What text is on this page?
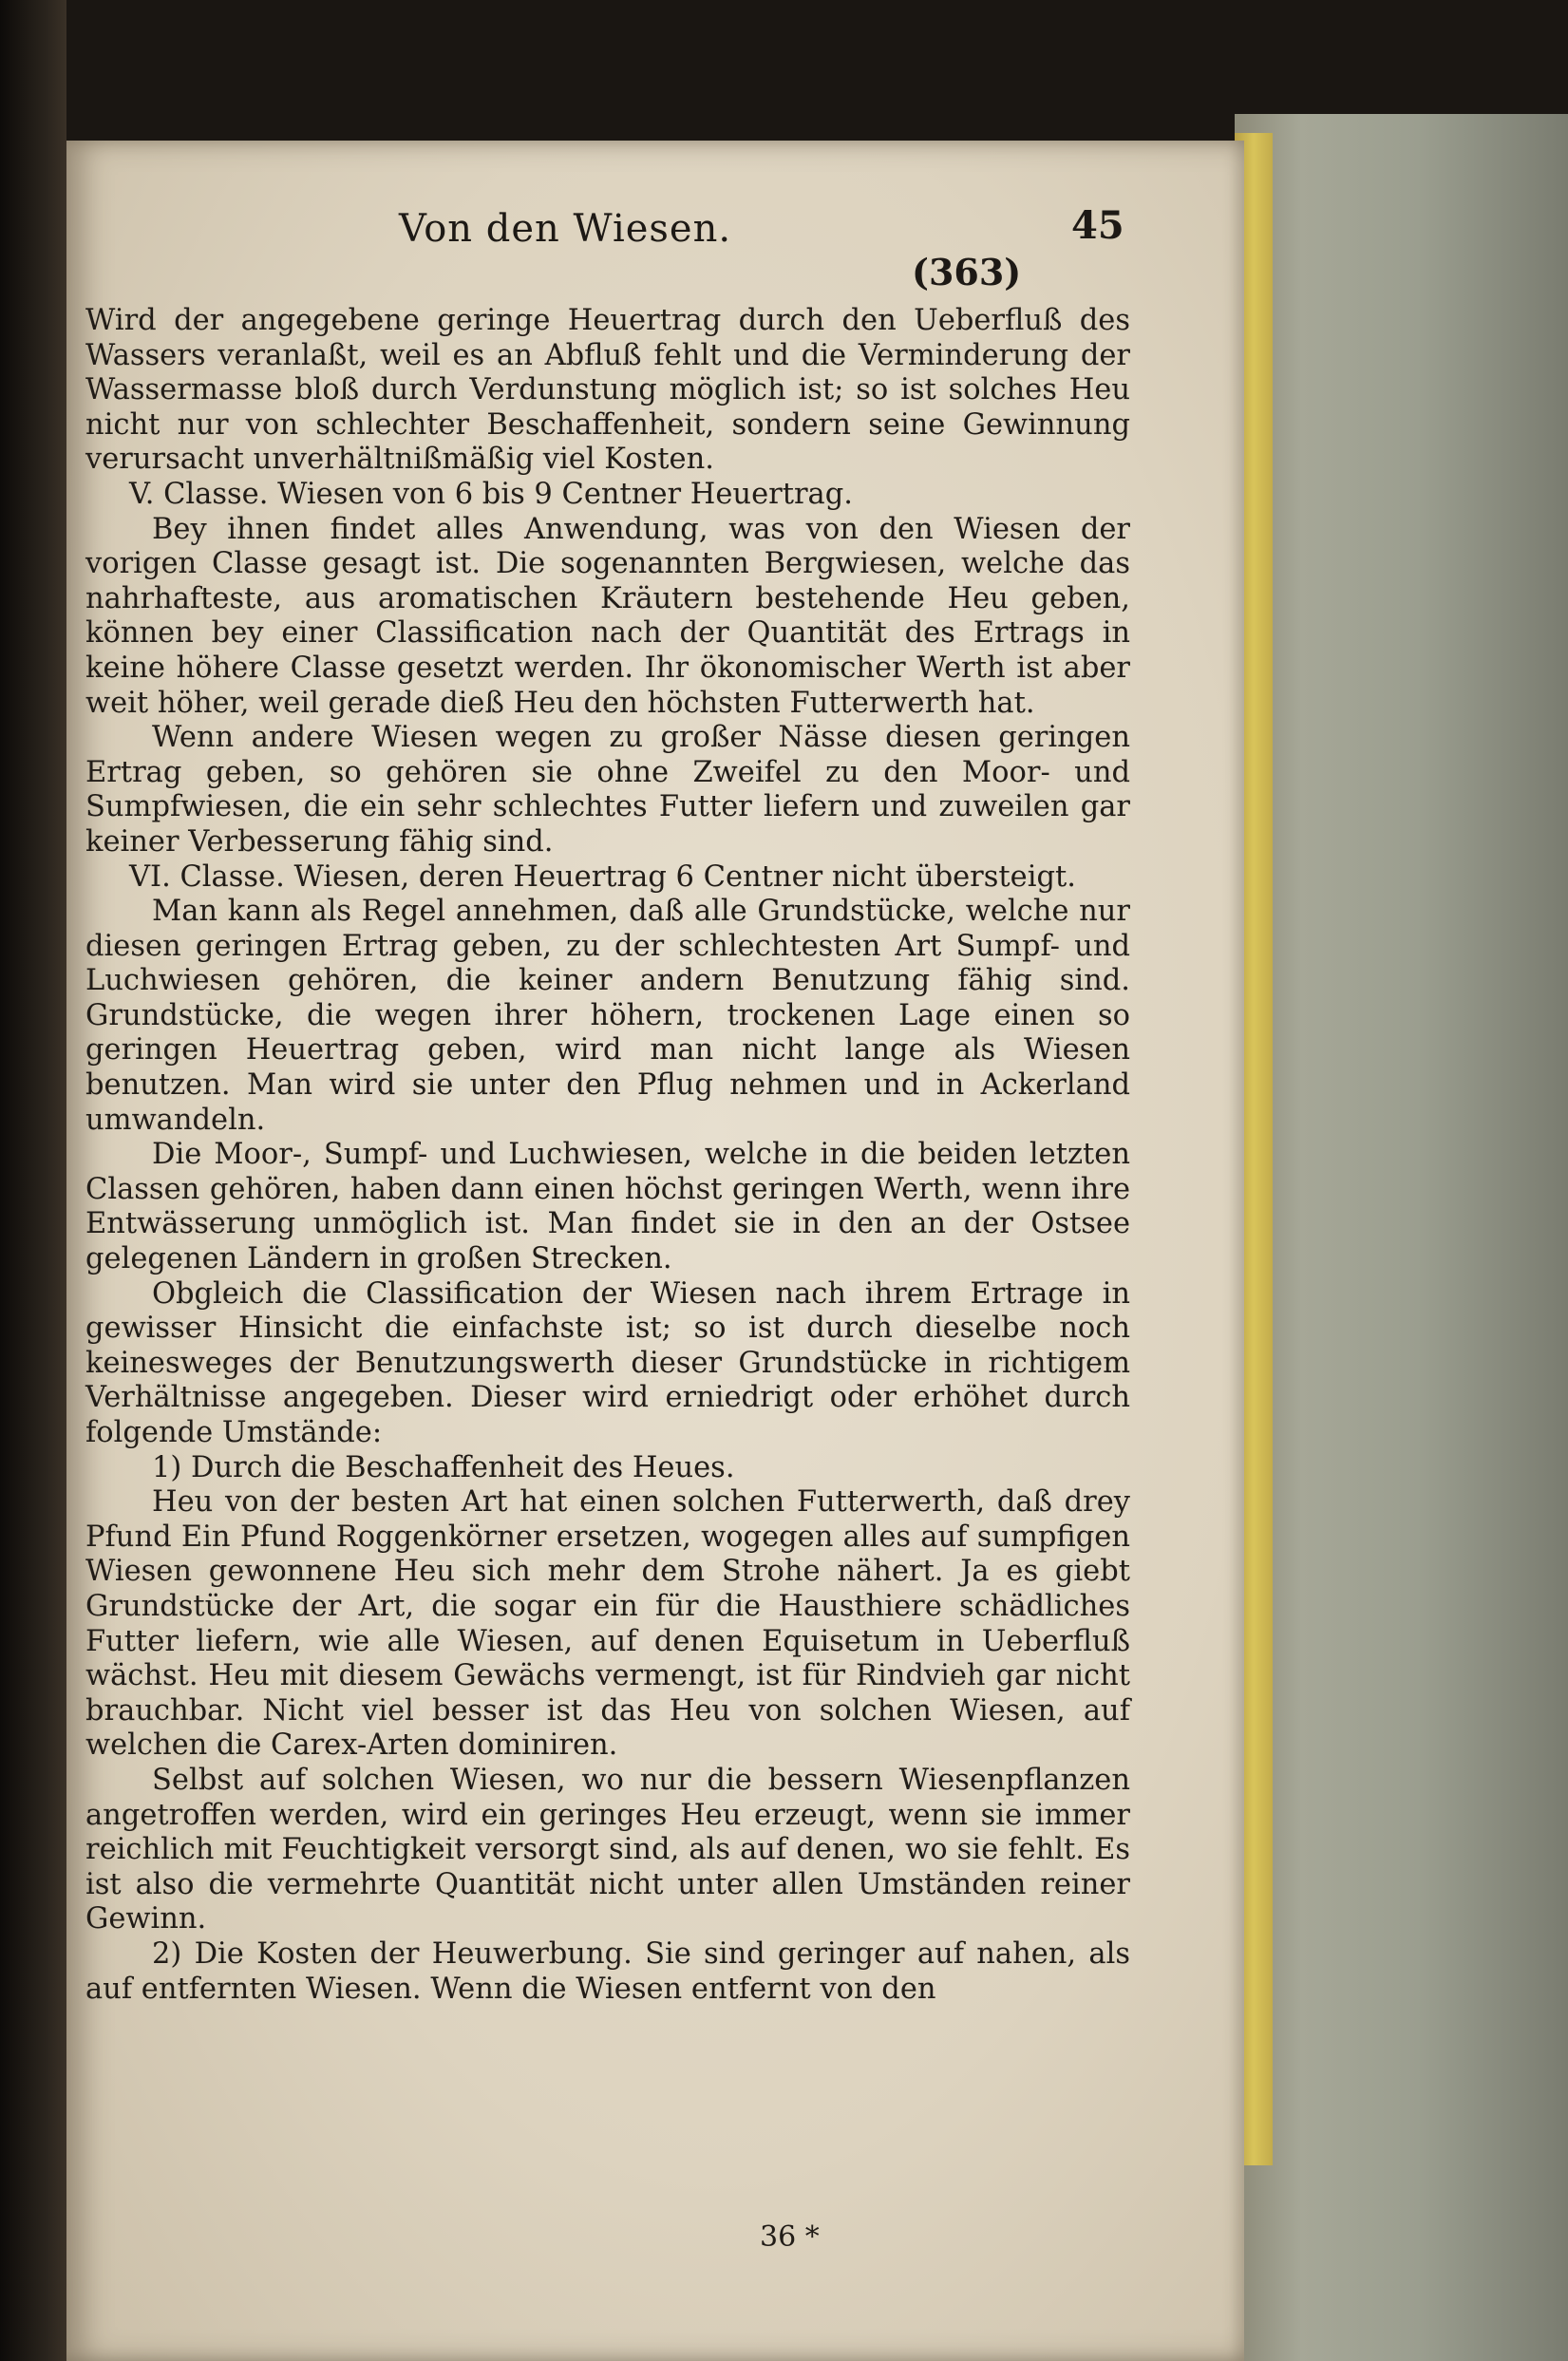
Von den Wiesen.	45
(363)

Wird der angegebene geringe Heuertrag durch den Ueberfluß des Wassers veranlaßt, weil es an Abfluß fehlt und die Verminderung der Wassermasse bloß durch Verdunstung möglich ist; so ist solches Heu nicht nur von schlechter Beschaffenheit, sondern seine Gewinnung verursacht unverhältnißmäßig viel Kosten.

V. Classe. Wiesen von 6 bis 9 Centner Heuertrag.

Bey ihnen findet alles Anwendung, was von den Wiesen der vorigen Classe gesagt ist. Die sogenannten Bergwiesen, welche das nahrhafteste, aus aromatischen Kräutern bestehende Heu geben, können bey einer Classification nach der Quantität des Ertrags in keine höhere Classe gesetzt werden. Ihr ökonomischer Werth ist aber weit höher, weil gerade dieß Heu den höchsten Futterwerth hat.

Wenn andere Wiesen wegen zu großer Nässe diesen geringen Ertrag geben, so gehören sie ohne Zweifel zu den Moor- und Sumpfwiesen, die ein sehr schlechtes Futter liefern und zuweilen gar keiner Verbesserung fähig sind.

VI. Classe. Wiesen, deren Heuertrag 6 Centner nicht übersteigt.

Man kann als Regel annehmen, daß alle Grundstücke, welche nur diesen geringen Ertrag geben, zu der schlechtesten Art Sumpf- und Luchwiesen gehören, die keiner andern Benutzung fähig sind. Grundstücke, die wegen ihrer höhern, trockenen Lage einen so geringen Heuertrag geben, wird man nicht lange als Wiesen benutzen. Man wird sie unter den Pflug nehmen und in Ackerland umwandeln.

Die Moor-, Sumpf- und Luchwiesen, welche in die beiden letzten Classen gehören, haben dann einen höchst geringen Werth, wenn ihre Entwässerung unmöglich ist. Man findet sie in den an der Ostsee gelegenen Ländern in großen Strecken.

Obgleich die Classification der Wiesen nach ihrem Ertrage in gewisser Hinsicht die einfachste ist; so ist durch dieselbe noch keinesweges der Benutzungswerth dieser Grundstücke in richtigem Verhältnisse angegeben. Dieser wird erniedrigt oder erhöhet durch folgende Umstände:

1) Durch die Beschaffenheit des Heues.

Heu von der besten Art hat einen solchen Futterwerth, daß drey Pfund Ein Pfund Roggenkörner ersetzen, wogegen alles auf sumpfigen Wiesen gewonnene Heu sich mehr dem Strohe nähert. Ja es giebt Grundstücke der Art, die sogar ein für die Hausthiere schädliches Futter liefern, wie alle Wiesen, auf denen Equisetum in Ueberfluß wächst. Heu mit diesem Gewächs vermengt, ist für Rindvieh gar nicht brauchbar. Nicht viel besser ist das Heu von solchen Wiesen, auf welchen die Carex-Arten dominiren.

Selbst auf solchen Wiesen, wo nur die bessern Wiesenpflanzen angetroffen werden, wird ein geringes Heu erzeugt, wenn sie immer reichlich mit Feuchtigkeit versorgt sind, als auf denen, wo sie fehlt. Es ist also die vermehrte Quantität nicht unter allen Umständen reiner Gewinn.

2) Die Kosten der Heuwerbung. Sie sind geringer auf nahen, als auf entfernten Wiesen. Wenn die Wiesen entfernt von den

36 *
